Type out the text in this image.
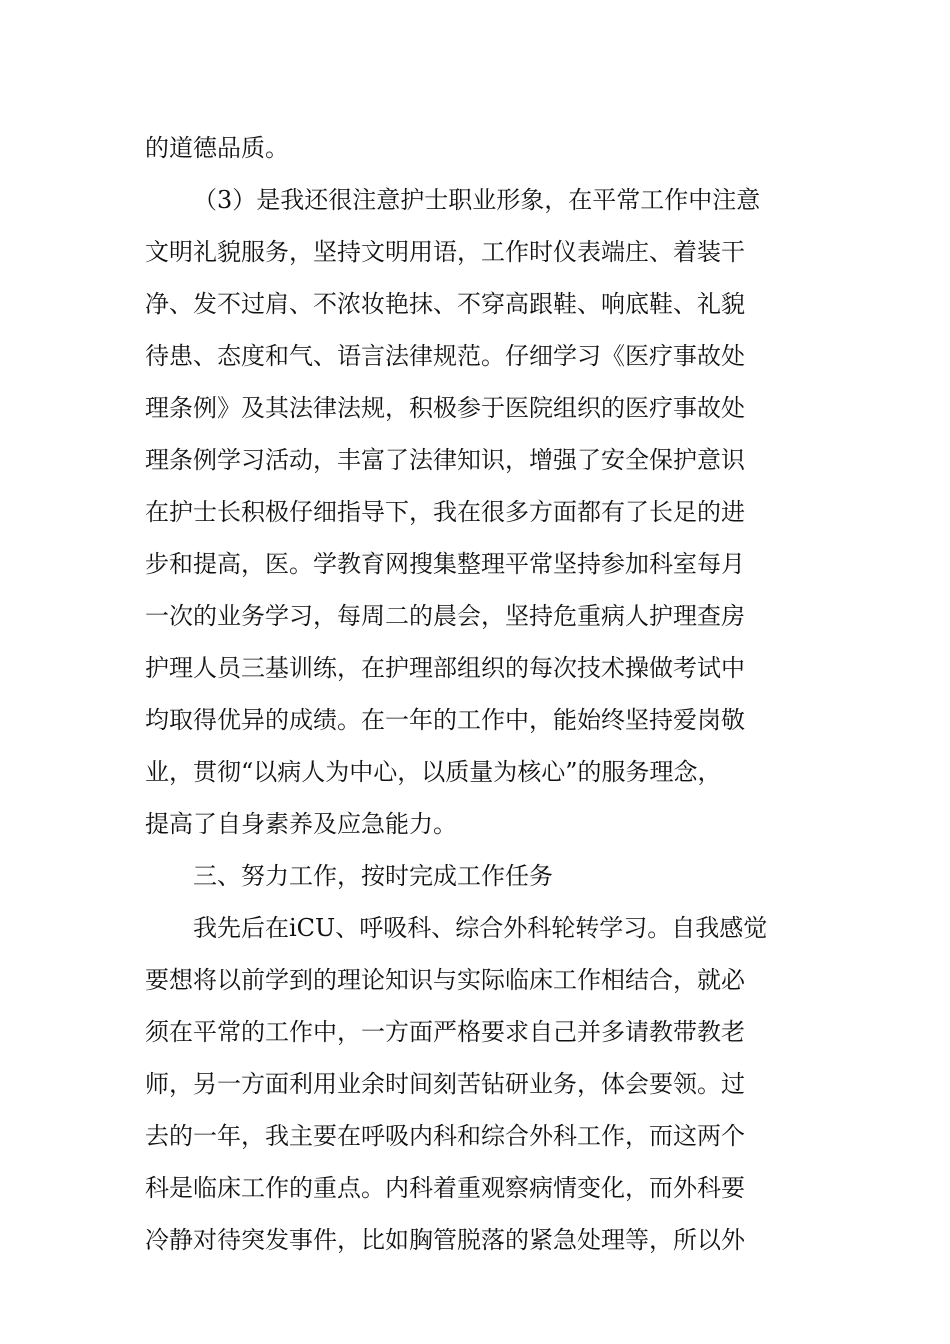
的道德品质。
（3）是我还很注意护士职业形象，在平常工作中注意
文明礼貌服务，坚持文明用语，工作时仪表端庄、着装干
净、发不过肩、不浓妆艳抹、不穿高跟鞋、响底鞋、礼貌
待患、态度和气、语言法律规范。仔细学习《医疗事故处
理条例》及其法律法规，积极参于医院组织的医疗事故处
理条例学习活动，丰富了法律知识，增强了安全保护意识
在护士长积极仔细指导下，我在很多方面都有了长足的进
步和提高，医。学教育网搜集整理平常坚持参加科室每月
一次的业务学习，每周二的晨会，坚持危重病人护理查房
护理人员三基训练，在护理部组织的每次技术操做考试中
均取得优异的成绩。在一年的工作中，能始终坚持爱岗敬
业，贯彻“以病人为中心，以质量为核心”的服务理念，
提高了自身素养及应急能力。
三、努力工作，按时完成工作任务
我先后在iCU、呼吸科、综合外科轮转学习。自我感觉
要想将以前学到的理论知识与实际临床工作相结合，就必
须在平常的工作中，一方面严格要求自己并多请教带教老
师，另一方面利用业余时间刻苦钻研业务，体会要领。过
去的一年，我主要在呼吸内科和综合外科工作，而这两个
科是临床工作的重点。内科着重观察病情变化，而外科要
冷静对待突发事件，比如胸管脱落的紧急处理等，所以外
